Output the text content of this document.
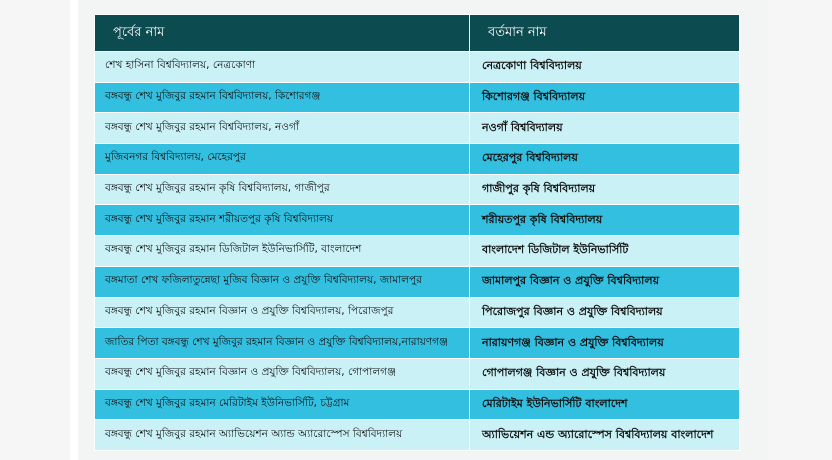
পূর্বের নাম	বর্তমান নাম
শেখ হাসিনা বিশ্ববিদ্যালয়, নেত্রকোণা	নেত্রকোণা বিশ্ববিদ্যালয়
বঙ্গবন্ধু শেখ মুজিবুর রহমান বিশ্ববিদ্যালয়, কিশোরগঞ্জ	কিশোরগঞ্জ বিশ্ববিদ্যালয়
বঙ্গবন্ধু শেখ মুজিবুর রহমান বিশ্ববিদ্যালয়, নওগাঁ	নওগাঁ বিশ্ববিদ্যালয়
মুজিবনগর বিশ্ববিদ্যালয়, মেহেরপুর	মেহেরপুর বিশ্ববিদ্যালয়
বঙ্গবন্ধু শেখ মুজিবুর রহমান কৃষি বিশ্ববিদ্যালয়, গাজীপুর	গাজীপুর কৃষি বিশ্ববিদ্যালয়
বঙ্গবন্ধু শেখ মুজিবুর রহমান শরীয়তপুর কৃষি বিশ্ববিদ্যালয়	শরীয়তপুর কৃষি বিশ্ববিদ্যালয়
বঙ্গবন্ধু শেখ মুজিবুর রহমান ডিজিটাল ইউনিভার্সিটি, বাংলাদেশ	বাংলাদেশ ডিজিটাল ইউনিভার্সিটি
বঙ্গমাতা শেখ ফজিলাতুন্নেছা মুজিব বিজ্ঞান ও প্রযুক্তি বিশ্ববিদ্যালয়, জামালপুর	জামালপুর বিজ্ঞান ও প্রযুক্তি বিশ্ববিদ্যালয়
বঙ্গবন্ধু শেখ মুজিবুর রহমান বিজ্ঞান ও প্রযুক্তি বিশ্ববিদ্যালয়, পিরোজপুর	পিরোজপুর বিজ্ঞান ও প্রযুক্তি বিশ্ববিদ্যালয়
জাতির পিতা বঙ্গবন্ধু শেখ মুজিবুর রহমান বিজ্ঞান ও প্রযুক্তি বিশ্ববিদ্যালয়,নারায়ণগঞ্জ	নারায়ণগঞ্জ বিজ্ঞান ও প্রযুক্তি বিশ্ববিদ্যালয়
বঙ্গবন্ধু শেখ মুজিবুর রহমান বিজ্ঞান ও প্রযুক্তি বিশ্ববিদ্যালয়, গোপালগঞ্জ	গোপালগঞ্জ বিজ্ঞান ও প্রযুক্তি বিশ্ববিদ্যালয়
বঙ্গবন্ধু শেখ মুজিবুর রহমান মেরিটাইম ইউনিভার্সিটি, চট্টগ্রাম	মেরিটাইম ইউনিভার্সিটি বাংলাদেশ
বঙ্গবন্ধু শেখ মুজিবুর রহমান অ্যাভিয়েশন অ্যান্ড অ্যারোস্পেস বিশ্ববিদ্যালয়	অ্যাভিয়েশন এন্ড অ্যারোস্পেস বিশ্ববিদ্যালয় বাংলাদেশ
